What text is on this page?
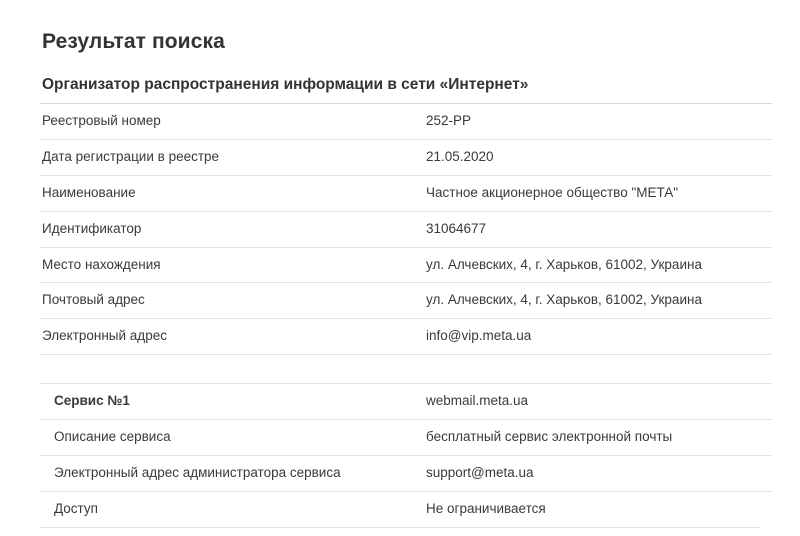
Результат поиска
Организатор распространения информации в сети «Интернет»
Реестровый номер	252-РР
Дата регистрации в реестре	21.05.2020
Наименование	Частное акционерное общество "МЕТА"
Идентификатор	31064677
Место нахождения	ул. Алчевских, 4, г. Харьков, 61002, Украина
Почтовый адрес	ул. Алчевских, 4, г. Харьков, 61002, Украина
Электронный адрес	info@vip.meta.ua

Сервис №1	webmail.meta.ua
Описание сервиса	бесплатный сервис электронной почты
Электронный адрес администратора сервиса	support@meta.ua
Доступ	Не ограничивается
